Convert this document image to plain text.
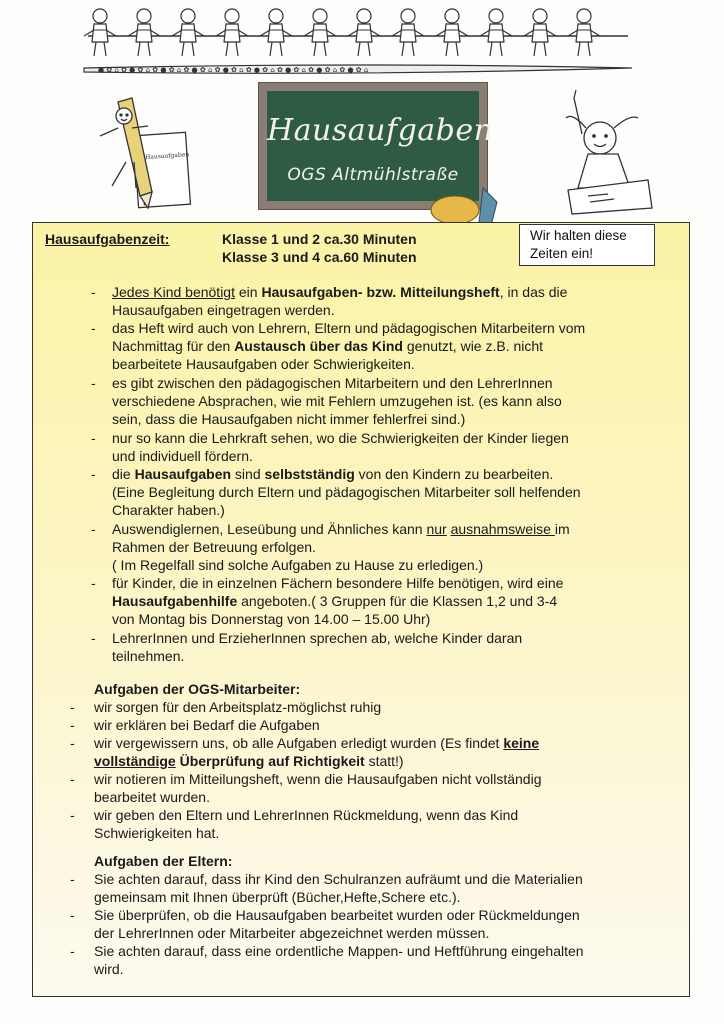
● ✿ ⌂ ✿ ● ✿ ⌂ ✿ ● ✿ ⌂ ✿ ● ✿ ⌂ ✿ ● ✿ ⌂ ✿ ● ✿ ⌂ ✿ ● ✿ ⌂ ✿ ● ✿ ⌂ ✿ ● ✿ ⌂
Hausaufgaben
Hausaufgaben
OGS Altmühlstraße
Wir halten diese
Zeiten ein!
Hausaufgabenzeit:	Klasse 1 und 2 ca.30 Minuten
Klasse 3 und 4 ca.60 Minuten
- Jedes Kind benötigt ein Hausaufgaben- bzw. Mitteilungsheft, in das die
Hausaufgaben eingetragen werden.
- das Heft wird auch von Lehrern, Eltern und pädagogischen Mitarbeitern vom
Nachmittag für den Austausch über das Kind genutzt, wie z.B. nicht
bearbeitete Hausaufgaben oder Schwierigkeiten.
- es gibt zwischen den pädagogischen Mitarbeitern und den LehrerInnen
verschiedene Absprachen, wie mit Fehlern umzugehen ist. (es kann also
sein, dass die Hausaufgaben nicht immer fehlerfrei sind.)
- nur so kann die Lehrkraft sehen, wo die Schwierigkeiten der Kinder liegen
und individuell fördern.
- die Hausaufgaben sind selbstständig von den Kindern zu bearbeiten.
(Eine Begleitung durch Eltern und pädagogischen Mitarbeiter soll helfenden
Charakter haben.)
- Auswendiglernen, Leseübung und Ähnliches kann nur ausnahmsweise im
Rahmen der Betreuung erfolgen.
( Im Regelfall sind solche Aufgaben zu Hause zu erledigen.)
- für Kinder, die in einzelnen Fächern besondere Hilfe benötigen, wird eine
Hausaufgabenhilfe angeboten.( 3 Gruppen für die Klassen 1,2 und 3-4
von Montag bis Donnerstag von 14.00 – 15.00 Uhr)
- LehrerInnen und ErzieherInnen sprechen ab, welche Kinder daran
teilnehmen.
Aufgaben der OGS-Mitarbeiter:
- wir sorgen für den Arbeitsplatz-möglichst ruhig
- wir erklären bei Bedarf die Aufgaben
- wir vergewissern uns, ob alle Aufgaben erledigt wurden (Es findet keine
vollständige Überprüfung auf Richtigkeit statt!)
- wir notieren im Mitteilungsheft, wenn die Hausaufgaben nicht vollständig
bearbeitet wurden.
- wir geben den Eltern und LehrerInnen Rückmeldung, wenn das Kind
Schwierigkeiten hat.
Aufgaben der Eltern:
- Sie achten darauf, dass ihr Kind den Schulranzen aufräumt und die Materialien
gemeinsam mit Ihnen überprüft (Bücher,Hefte,Schere etc.).
- Sie überprüfen, ob die Hausaufgaben bearbeitet wurden oder Rückmeldungen
der LehrerInnen oder Mitarbeiter abgezeichnet werden müssen.
- Sie achten darauf, dass eine ordentliche Mappen- und Heftführung eingehalten
wird.
